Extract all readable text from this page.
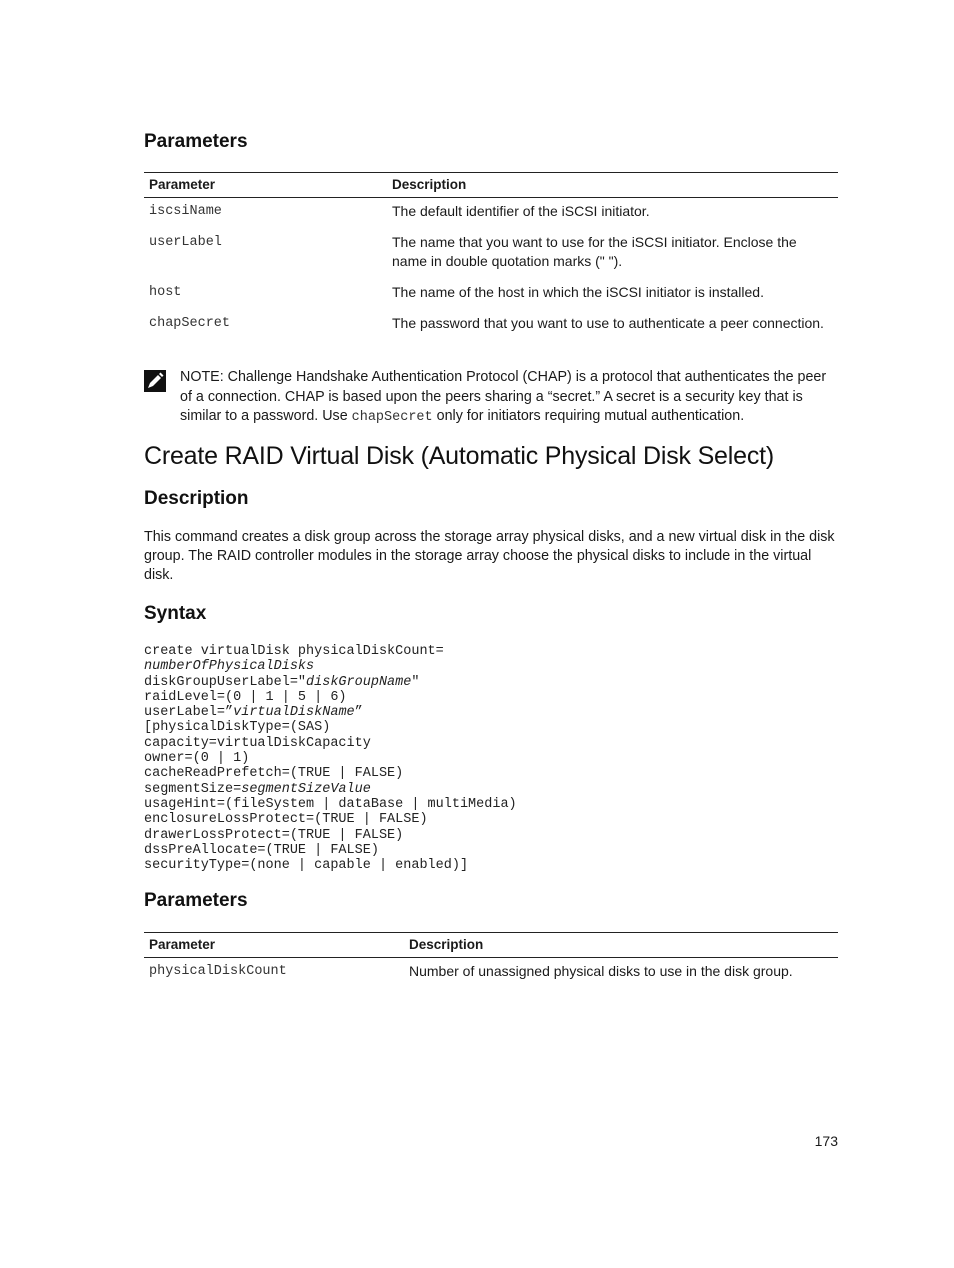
Parameters
Parameter	Description
iscsiName	The default identifier of the iSCSI initiator.
userLabel	The name that you want to use for the iSCSI initiator. Enclose the name in double quotation marks (" ").
host	The name of the host in which the iSCSI initiator is installed.
chapSecret	The password that you want to use to authenticate a peer connection.
NOTE: Challenge Handshake Authentication Protocol (CHAP) is a protocol that authenticates the peer of a connection. CHAP is based upon the peers sharing a “secret.” A secret is a security key that is similar to a password. Use chapSecret only for initiators requiring mutual authentication.
Create RAID Virtual Disk (Automatic Physical Disk Select)
Description

This command creates a disk group across the storage array physical disks, and a new virtual disk in the disk group. The RAID controller modules in the storage array choose the physical disks to include in the virtual disk.

Syntax
create virtualDisk physicalDiskCount=
numberOfPhysicalDisks
diskGroupUserLabel="diskGroupName"
raidLevel=(0 | 1 | 5 | 6)
userLabel=”virtualDiskName”
[physicalDiskType=(SAS)
capacity=virtualDiskCapacity
owner=(0 | 1)
cacheReadPrefetch=(TRUE | FALSE)
segmentSize=segmentSizeValue
usageHint=(fileSystem | dataBase | multiMedia)
enclosureLossProtect=(TRUE | FALSE)
drawerLossProtect=(TRUE | FALSE)
dssPreAllocate=(TRUE | FALSE)
securityType=(none | capable | enabled)]
Parameters
Parameter	Description
physicalDiskCount	Number of unassigned physical disks to use in the disk group.
173
